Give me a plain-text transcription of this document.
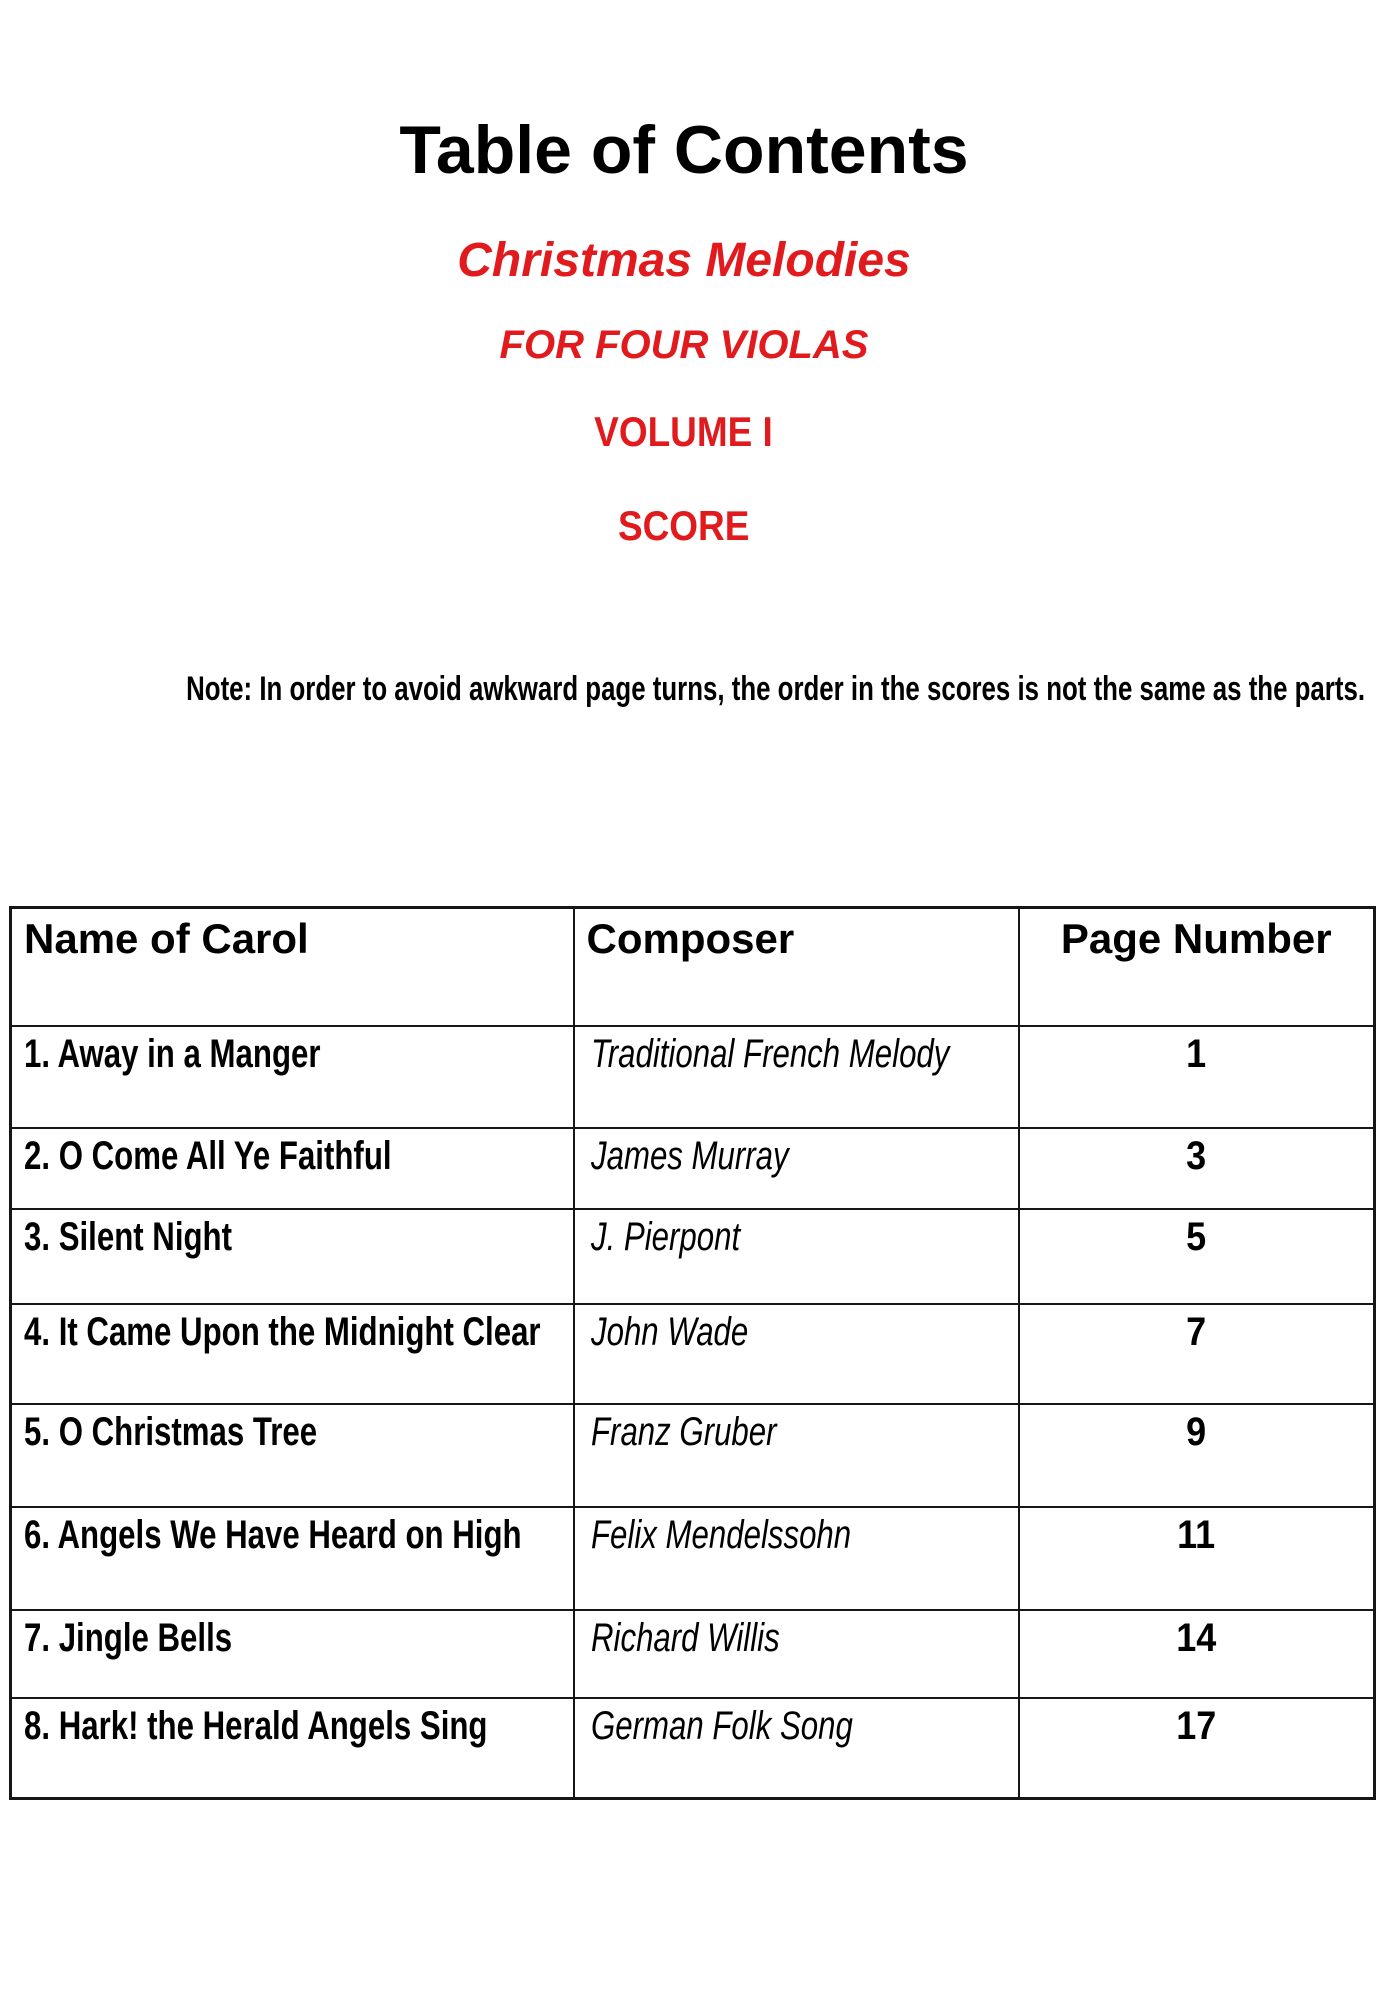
Table of Contents
Christmas Melodies
FOR FOUR VIOLAS
VOLUME I
SCORE
Note: In order to avoid awkward page turns, the order in the scores is not the same as the parts.
Name of Carol	Composer	Page Number
1. Away in a Manger	Traditional French Melody	1
2. O Come All Ye Faithful	James Murray	3
3. Silent Night	J. Pierpont	5
4. It Came Upon the Midnight Clear	John Wade	7
5. O Christmas Tree	Franz Gruber	9
6. Angels We Have Heard on High	Felix Mendelssohn	11
7. Jingle Bells	Richard Willis	14
8. Hark! the Herald Angels Sing	German Folk Song	17
